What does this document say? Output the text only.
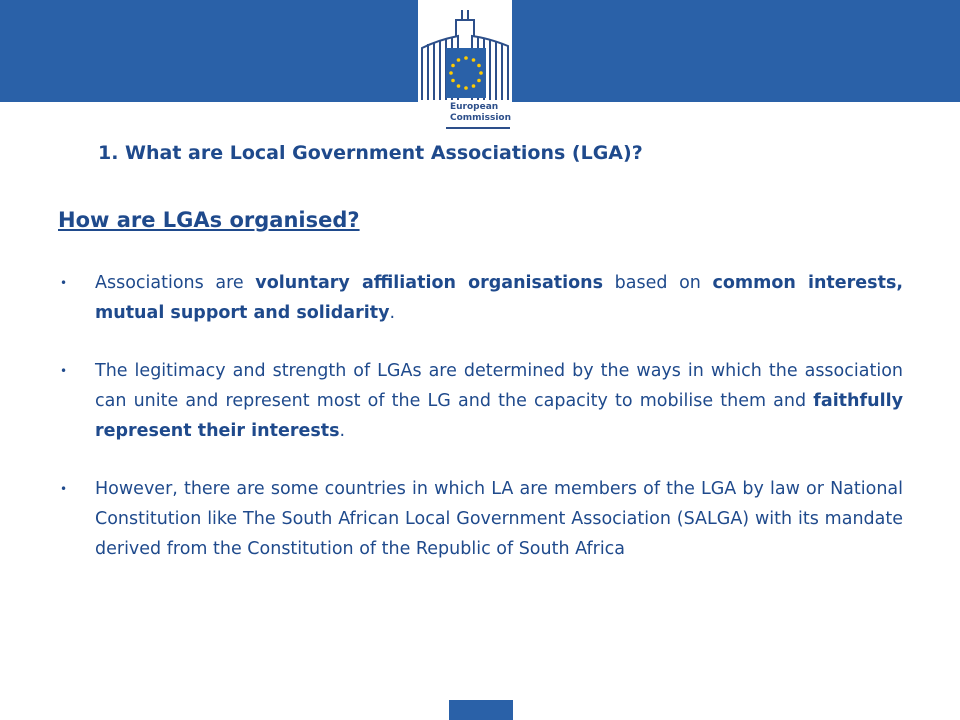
European
Commission
1. What are Local Government Associations (LGA)?
How are LGAs organised?
• Associations are voluntary affiliation organisations based on common interests, mutual support and solidarity.
• The legitimacy and strength of LGAs are determined by the ways in which the association can unite and represent most of the LG and the capacity to mobilise them and faithfully represent their interests.
• However, there are some countries in which LA are members of the LGA by law or National Constitution like The South African Local Government Association (SALGA) with its mandate derived from the Constitution of the Republic of South Africa
